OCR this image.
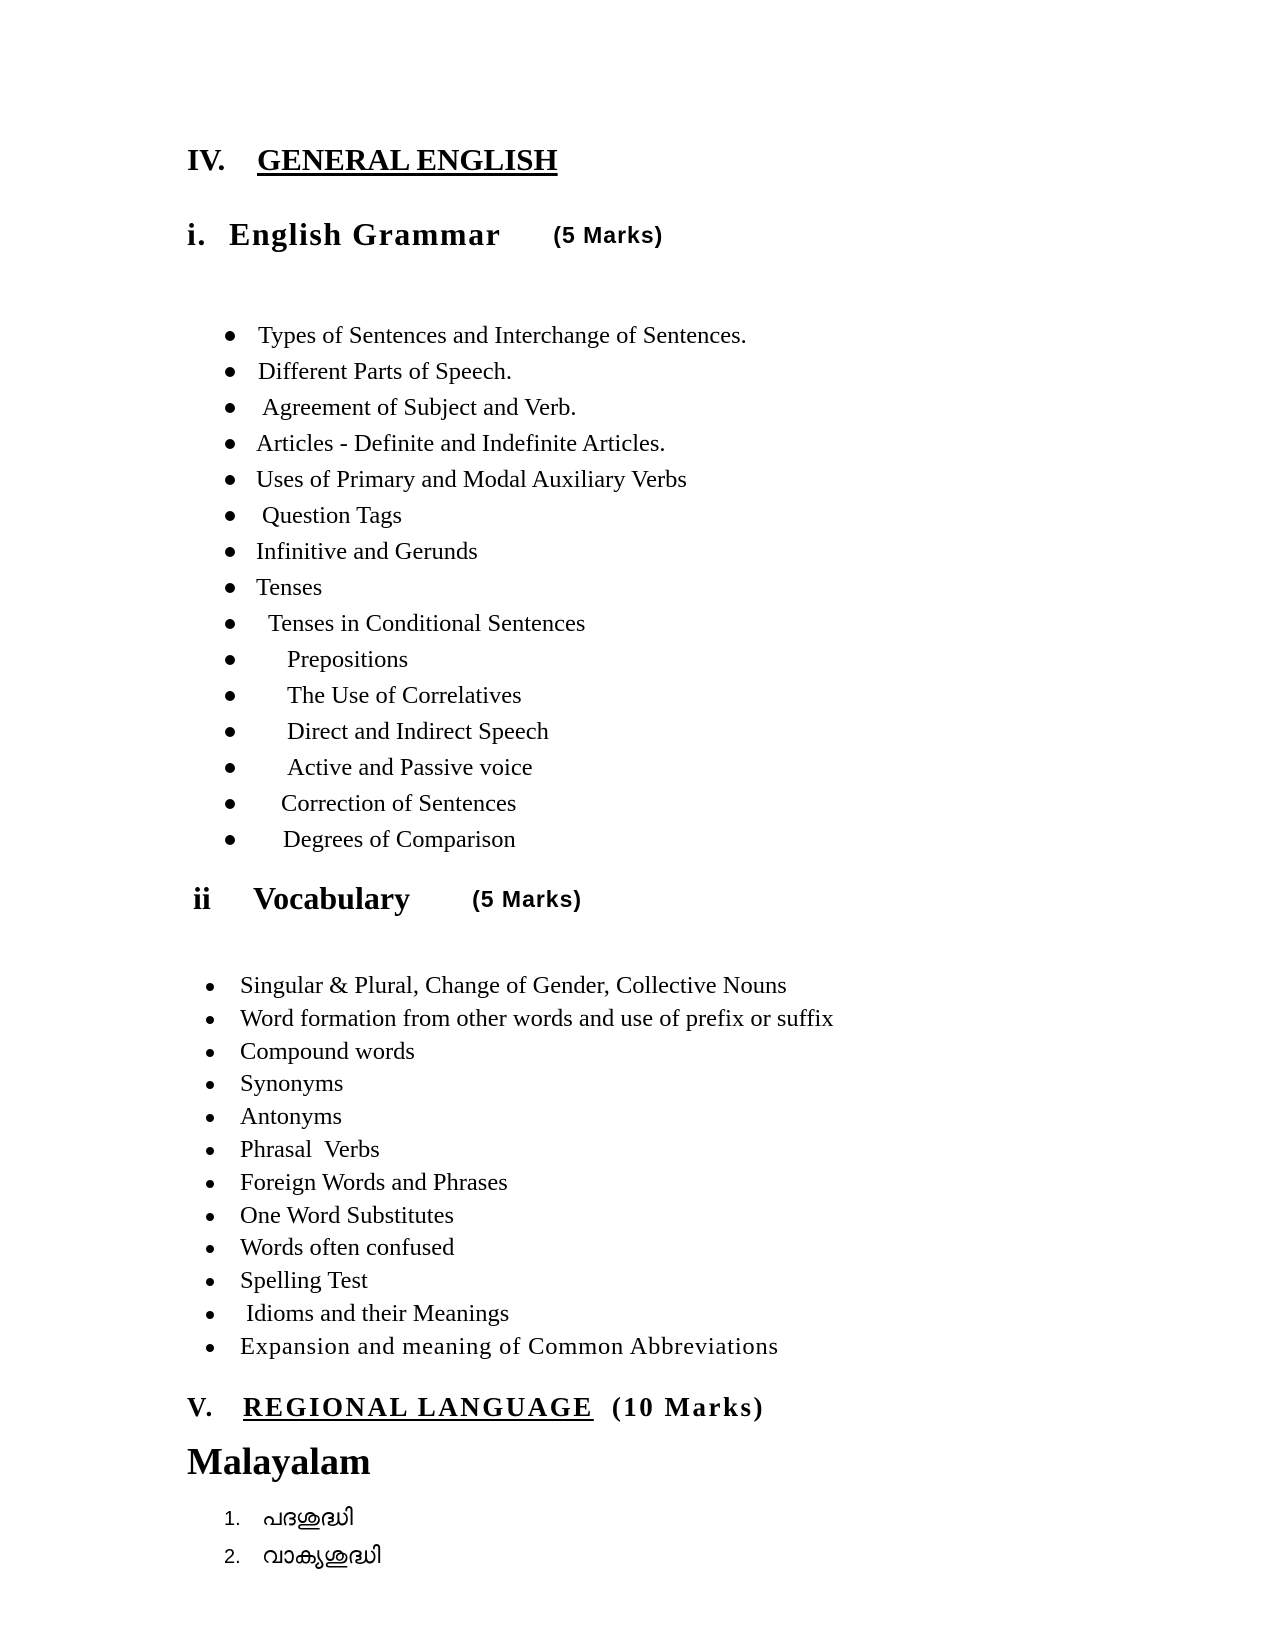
IV. GENERAL ENGLISH
i. English Grammar (5 Marks)
Types of Sentences and Interchange of Sentences.
Different Parts of Speech.
Agreement of Subject and Verb.
Articles - Definite and Indefinite Articles.
Uses of Primary and Modal Auxiliary Verbs
Question Tags
Infinitive and Gerunds
Tenses
Tenses in Conditional Sentences
Prepositions
The Use of Correlatives
Direct and Indirect Speech
Active and Passive voice
Correction of Sentences
Degrees of Comparison
ii Vocabulary	(5 Marks)
Singular & Plural, Change of Gender, Collective Nouns
Word formation from other words and use of prefix or suffix
Compound words
Synonyms
Antonyms
Phrasal  Verbs
Foreign Words and Phrases
One Word Substitutes
Words often confused
Spelling Test
Idioms and their Meanings
Expansion and meaning of Common Abbreviations
V. REGIONAL LANGUAGE (10 Marks)
Malayalam
1. പദശുദ്ധി
2. വാക്യശുദ്ധി
